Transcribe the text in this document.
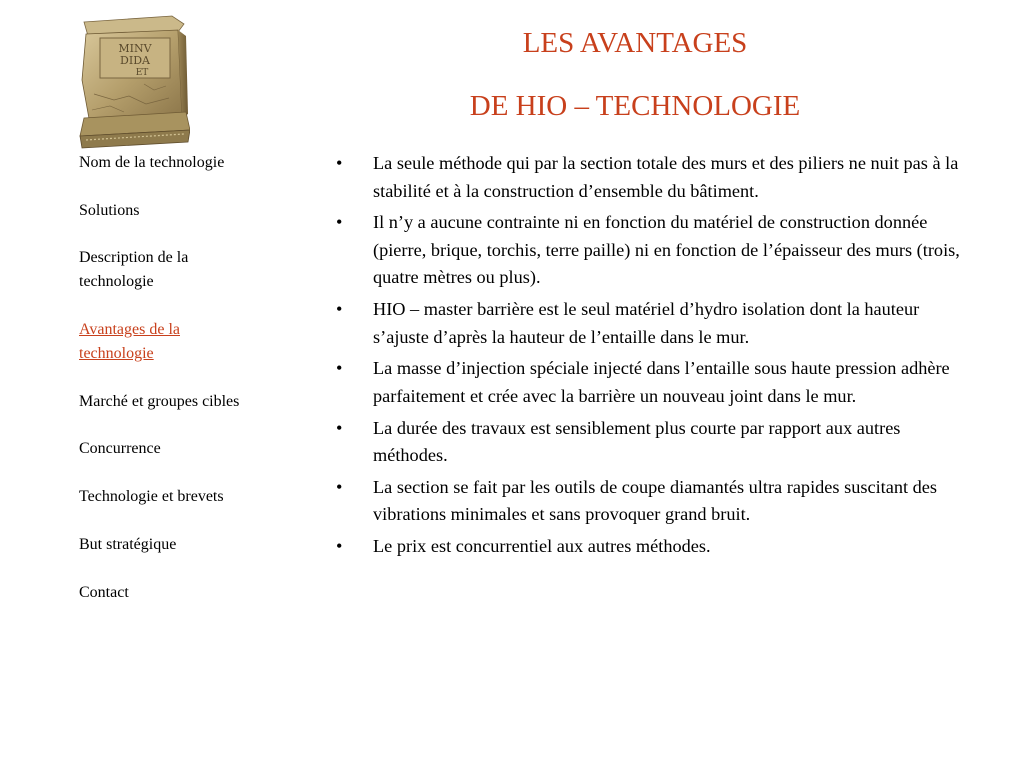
MINV
DIDA
ET
Nom de la technologie
Solutions
Description de la technologie
Avantages de la technologie
Marché et groupes cibles
Concurrence
Technologie et brevets
But stratégique
Contact
LES AVANTAGES
DE HIO – TECHNOLOGIE
•	La seule méthode qui par la section totale des murs et des piliers ne nuit pas à la stabilité et à la construction d’ensemble du bâtiment.
•	Il n’y a aucune contrainte ni en fonction du matériel de construction donnée (pierre, brique, torchis, terre paille) ni en fonction de l’épaisseur des murs (trois, quatre mètres ou plus).
•	HIO – master barrière est le seul matériel d’hydro isolation dont la hauteur s’ajuste d’après la hauteur de l’entaille dans le mur.
•	La masse d’injection spéciale injecté dans l’entaille sous haute pression adhère parfaitement et crée avec la barrière un nouveau joint dans le mur.
•	La durée des travaux est sensiblement plus courte par rapport aux autres méthodes.
•	La section se fait par les outils de coupe diamantés ultra rapides suscitant des vibrations minimales et sans provoquer grand bruit.
•	Le prix est concurrentiel aux autres méthodes.
